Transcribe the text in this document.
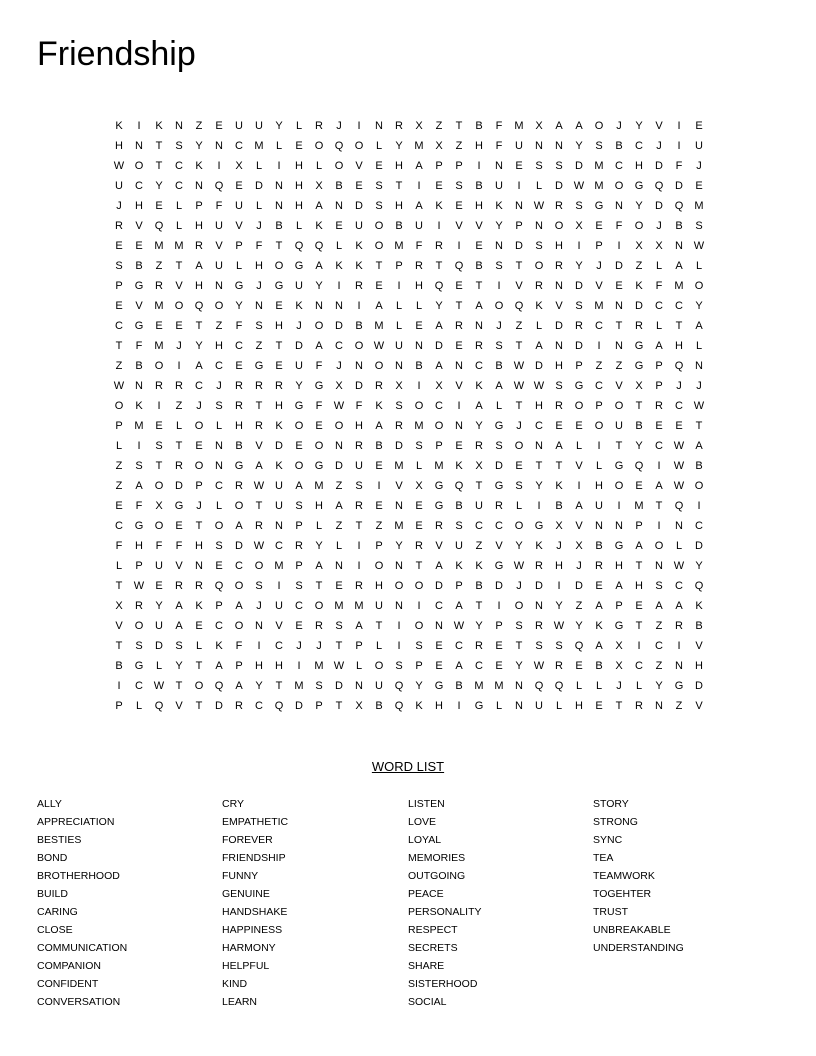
Friendship
K	I	K	N	Z	E	U	U	Y	L	R	J	I	N	R	X	Z	T	B	F	M	X	A	A	O	J	Y	V	I	E
H	N	T	S	Y	N	C	M	L	E	O	Q	O	L	Y	M	X	Z	H	F	U	N	N	Y	S	B	C	J	I	U
W O	T	C	K	I	X	L	I	H	L	O	V	E	H	A	P	P	I	N	E	S	S	D	M	C	H	D	F	J
U	C	Y	C	N	Q	E	D	N	H	X	B	E	S	T	I	E	S	B	U	I	L	D W M	O	G	Q	D	E
J	H	E	L	P	F	U	L	N	H	A	N	D	S	H	A	K	E	H	K	N W R	S	G	N	Y	D	Q	M
R	V	Q	L	H	U	V	J	B	L	K	E	U	O	B	U	I	V	V	Y	P	N	O	X	E	F	O	J	B	S
E	E	M M	R	V	P	F	T	Q	Q	L	K	O	M	F	R	I	E	N	D	S	H	I	P	I	X	X	N W
S	B	Z	T	A	U	L	H	O	G	A	K	K	T	P	R	T	Q	B	S	T	O	R	Y	J	D	Z	L	A	L
P	G	R	V	H	N	G	J	G	U	Y	I	R	E	I	H	Q	E	T	I	V	R	N	D	V	E	K	F	M	O
E	V	M	O	Q	O	Y	N	E	K	N	N	I	A	L	L	Y	T	A	O	Q	K	V	S	M	N	D	C	C	Y
C	G	E	E	T	Z	F	S	H	J	O	D	B	M	L	E	A	R	N	J	Z	L	D	R	C	T	R	L	T	A
T	F	M	J	Y	H	C	Z	T	D	A	C	O W U	N	D	E	R	S	T	A	N	D	I	N	G	A	H	L
Z	B	O	I	A	C	E	G	E	U	F	J	N	O	N	B	A	N	C	B	W D	H	P	Z	Z	G	P	Q	N
W N	R	R	C	J	R	R	R	Y	G	X	D	R	X	I	X	V	K	A	W W	S	G	C	V	X	P	J	J
O	K	I	Z	J	S	R	T	H	G	F	W	F	K	S	O	C	I	A	L	T	H	R	O	P	O	T	R	C W
P	M	E	L	O	L	H	R	K	O	E	O	H	A	R	M	O	N	Y	G	J	C	E	E	O	U	B	E	E	T
L	I	S	T	E	N	B	V	D	E	O	N	R	B	D	S	P	E	R	S	O	N	A	L	I	T	Y	C W	A
Z	S	T	R	O	N	G	A	K	O	G	D	U	E	M	L	M	K	X	D	E	T	T	V	L	G	Q	I	W	B
Z	A	O	D	P	C	R W U	A	M	Z	S	I	V	X	G	Q	T	G	S	Y	K	I	H	O	E	A	W O
E	F	X	G	J	L	O	T	U	S	H	A	R	E	N	E	G	B	U	R	L	I	B	A	U	I	M	T	Q	I
C	G	O	E	T	O	A	R	N	P	L	Z	T	Z	M	E	R	S	C	C	O	G	X	V	N	N	P	I	N	C
F	H	F	F	H	S	D W C	R	Y	L	I	P	Y	R	V	U	Z	V	Y	K	J	X	B	G	A	O	L	D
L	P	U	V	N	E	C	O	M	P	A	N	I	O	N	T	A	K	K	G W R	H	J	R	H	T	N W	Y
T	W	E	R	R	Q	O	S	I	S	T	E	R	H	O	O	D	P	B	D	J	D	I	D	E	A	H	S	C	Q
X	R	Y	A	K	P	A	J	U	C	O	M M	U	N	I	C	A	T	I	O	N	Y	Z	A	P	E	A	A	K
V	O	U	A	E	C	O	N	V	E	R	S	A	T	I	O	N W	Y	P	S	R W	Y	K	G	T	Z	R	B
T	S	D	S	L	K	F	I	C	J	J	T	P	L	I	S	E	C	R	E	T	S	S	Q	A	X	I	C	I	V
B	G	L	Y	T	A	P	H	H	I	M W	L	O	S	P	E	A	C	E	Y	W R	E	B	X	C	Z	N	H
I	C W	T	O	Q	A	Y	T	M	S	D	N	U	Q	Y	G	B	M M	N	Q	Q	L	L	J	L	Y	G	D
P	L	Q	V	T	D	R	C	Q	D	P	T	X	B	Q	K	H	I	G	L	N	U	L	H	E	T	R	N	Z	V
WORD LIST
ALLY
APPRECIATION
BESTIES
BOND
BROTHERHOOD
BUILD
CARING
CLOSE
COMMUNICATION
COMPANION
CONFIDENT
CONVERSATION
CRY
EMPATHETIC
FOREVER
FRIENDSHIP
FUNNY
GENUINE
HANDSHAKE
HAPPINESS
HARMONY
HELPFUL
KIND
LEARN
LISTEN
LOVE
LOYAL
MEMORIES
OUTGOING
PEACE
PERSONALITY
RESPECT
SECRETS
SHARE
SISTERHOOD
SOCIAL
STORY
STRONG
SYNC
TEA
TEAMWORK
TOGEHTER
TRUST
UNBREAKABLE
UNDERSTANDING
